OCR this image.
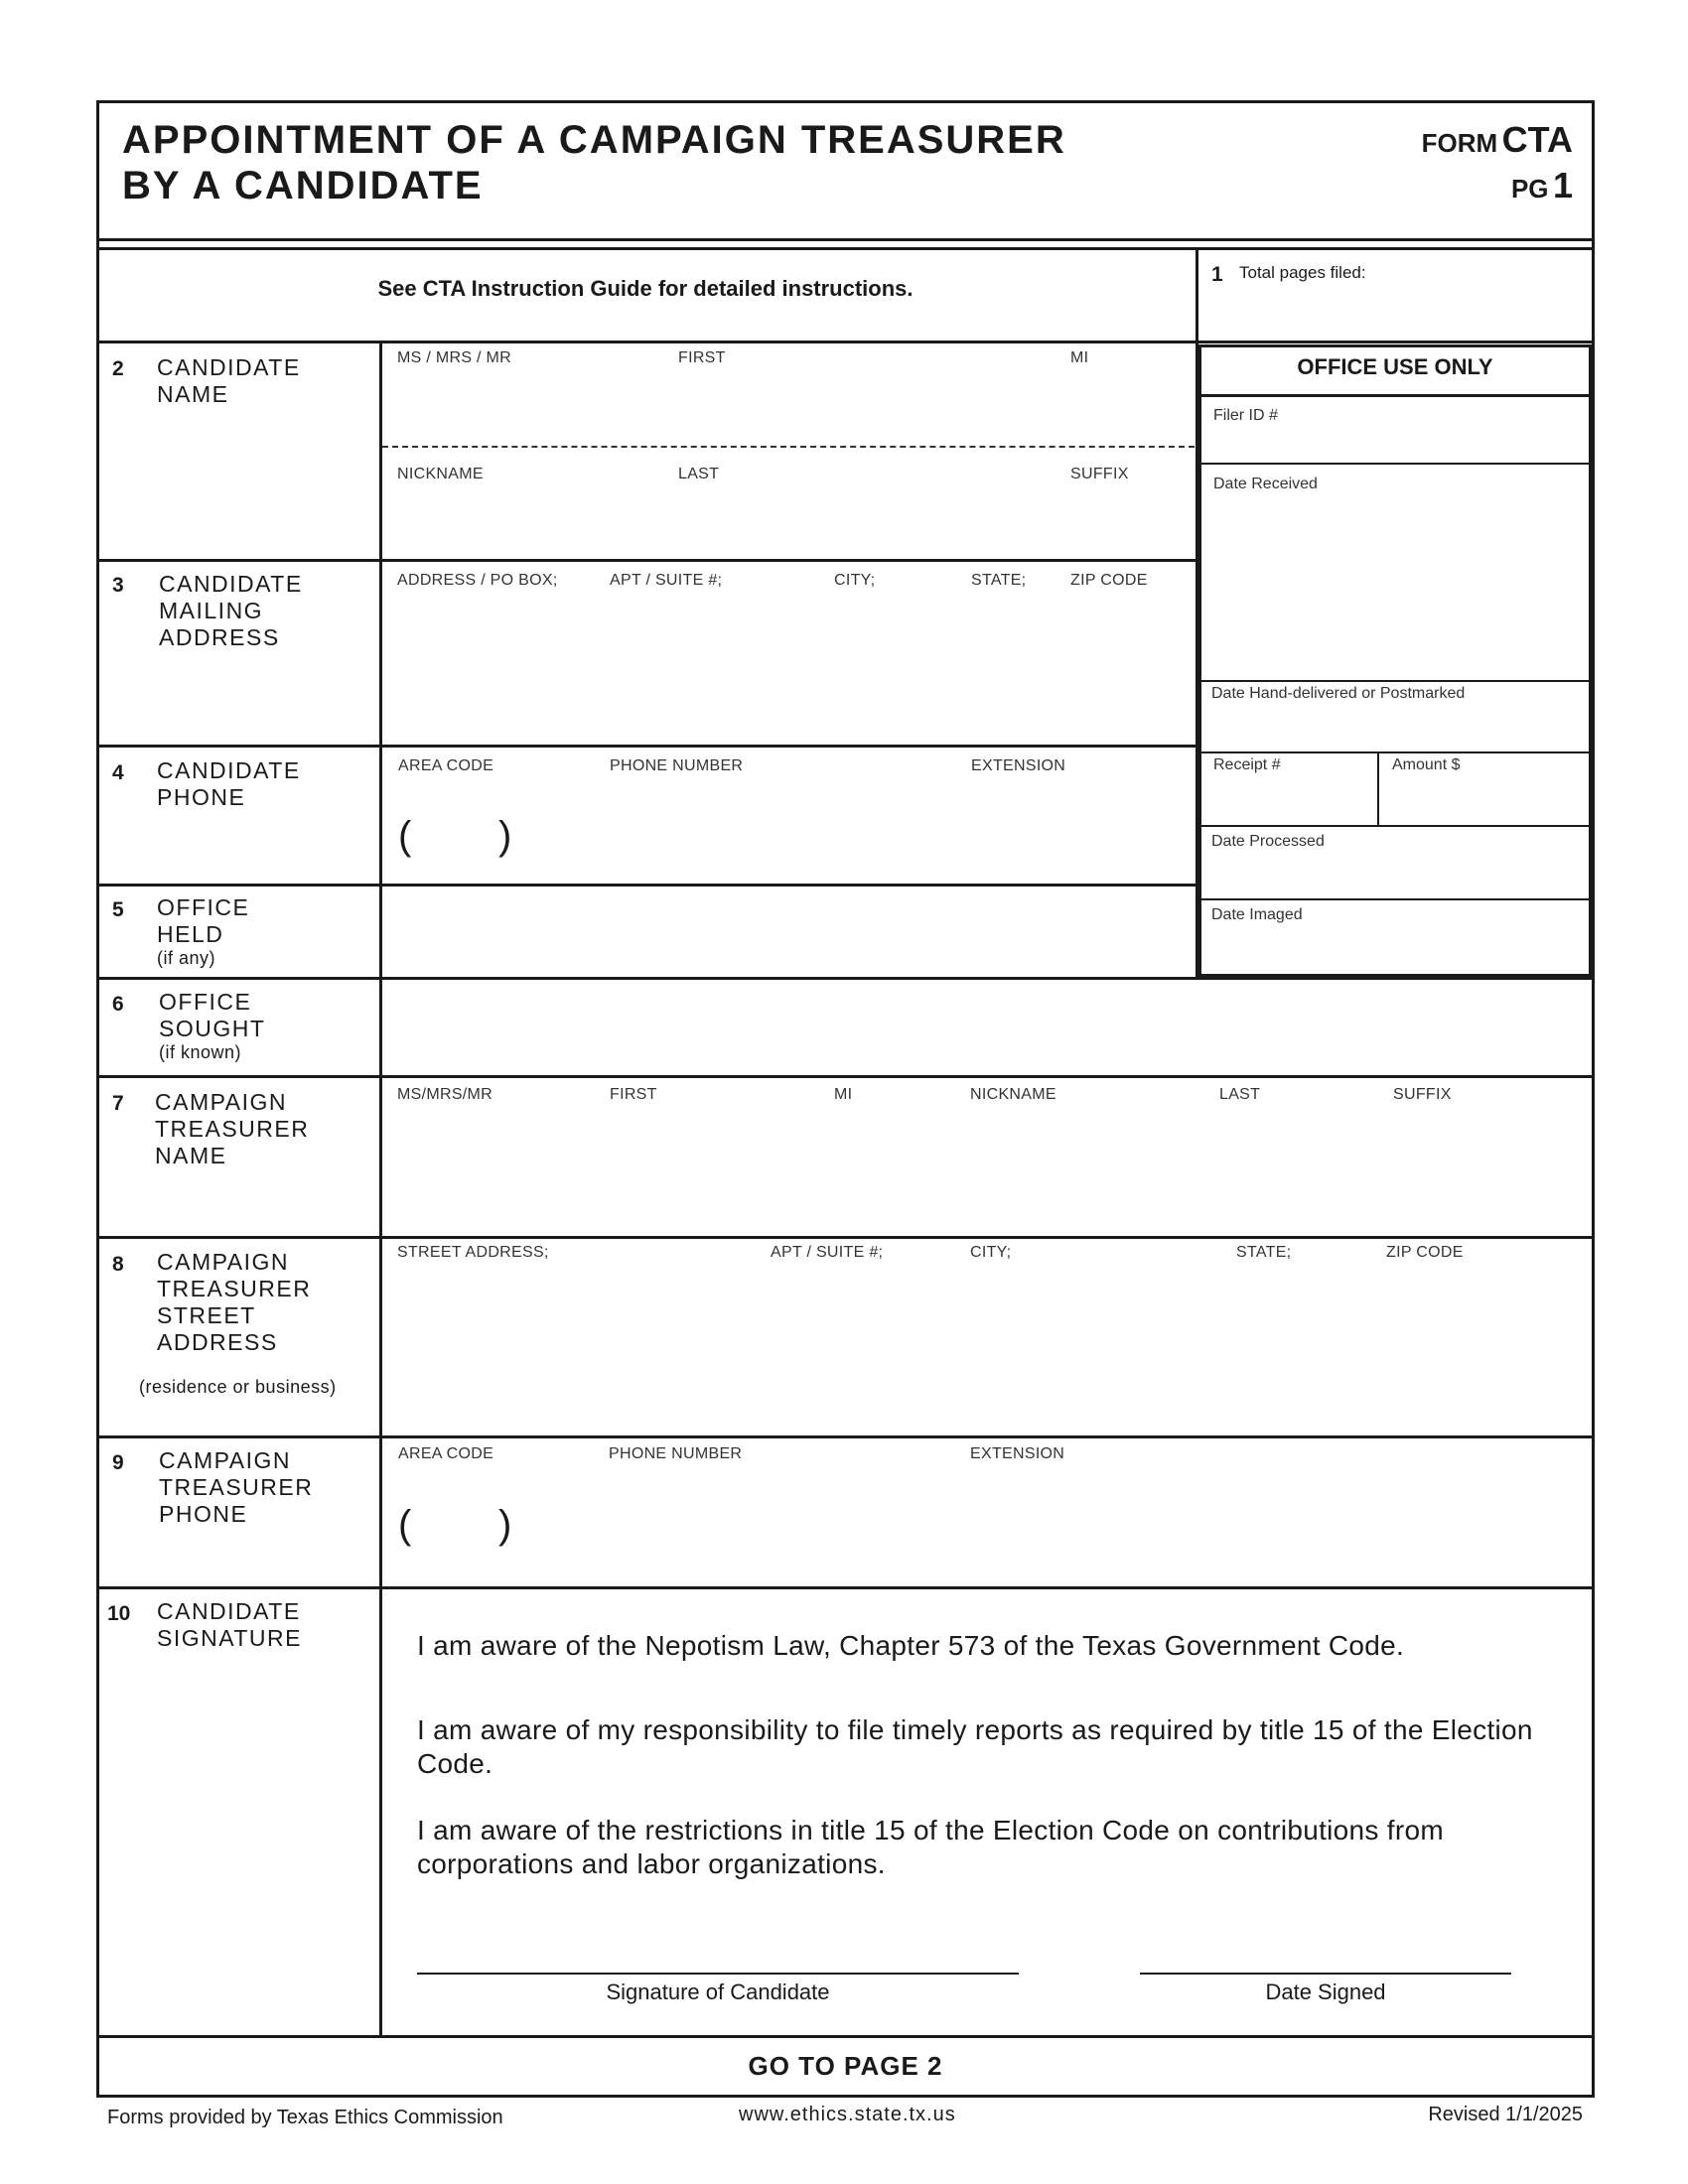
APPOINTMENT OF A CAMPAIGN TREASURER
BY A CANDIDATE
FORM CTA
PG 1
See CTA Instruction Guide for detailed instructions.
1 Total pages filed:
OFFICE USE ONLY
Filer ID #
Date Received
Date Hand-delivered or Postmarked
Receipt #	Amount $
Date Processed
Date Imaged
2 CANDIDATE
NAME
MS / MRS / MR	FIRST	MI
NICKNAME	LAST	SUFFIX
3 CANDIDATE
MAILING
ADDRESS
ADDRESS / PO BOX;	APT / SUITE #;	CITY;	STATE;	ZIP CODE
4 CANDIDATE
PHONE
AREA CODE	PHONE NUMBER	EXTENSION
( )
5 OFFICE
HELD
(if any)
6 OFFICE
SOUGHT
(if known)
7 CAMPAIGN
TREASURER
NAME
MS/MRS/MR	FIRST	MI	NICKNAME	LAST	SUFFIX
8 CAMPAIGN
TREASURER
STREET
ADDRESS
(residence or business)
STREET ADDRESS;	APT / SUITE #;	CITY;	STATE;	ZIP CODE
9 CAMPAIGN
TREASURER
PHONE
AREA CODE	PHONE NUMBER	EXTENSION
( )
10 CANDIDATE
SIGNATURE	I am aware of the Nepotism Law, Chapter 573 of the Texas Government Code.
I am aware of my responsibility to file timely reports as required by title 15 of the Election Code.
I am aware of the restrictions in title 15 of the Election Code on contributions from corporations and labor organizations.
Signature of Candidate	Date Signed
GO TO PAGE 2
Forms provided by Texas Ethics Commission	www.ethics.state.tx.us	Revised 1/1/2025
